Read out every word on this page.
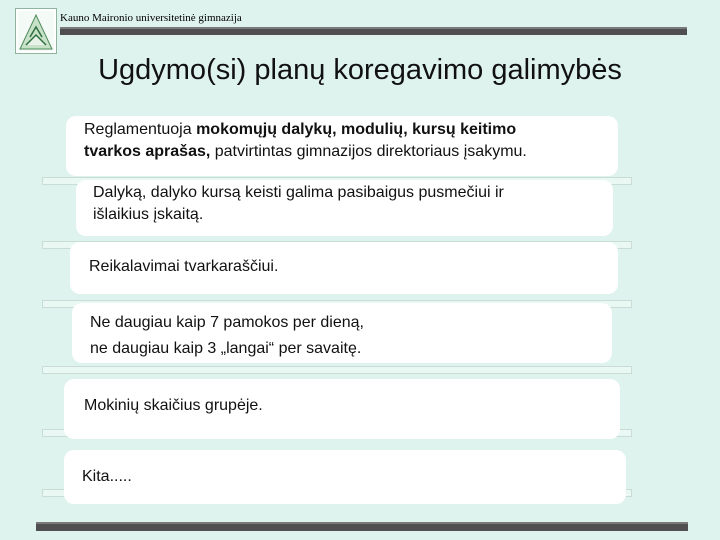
Kauno Maironio universitetinė gimnazija
Ugdymo(si) planų koregavimo galimybės
Reglamentuoja mokomųjų dalykų, modulių, kursų keitimo
tvarkos aprašas, patvirtintas gimnazijos direktoriaus įsakymu.
Dalyką, dalyko kursą keisti galima pasibaigus pusmečiui ir
išlaikius įskaitą.
Reikalavimai tvarkaraščiui.
Ne daugiau kaip 7 pamokos per dieną,
ne daugiau kaip 3 „langai“ per savaitę.
Mokinių skaičius grupėje.
Kita.....
